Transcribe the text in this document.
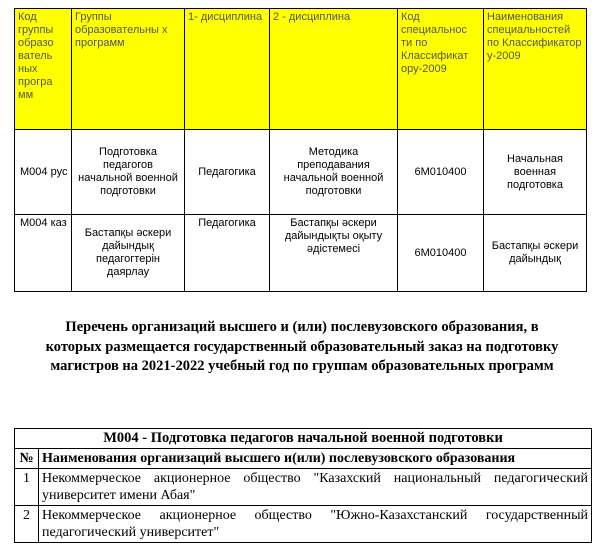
Код группы образо ватель ных програ мм	Группы образовательны х программ	1- дисциплина	2 - дисциплина	Код специальнос ти по Классификат ору-2009	Наименования специальностей по Классификатор у-2009
М004 рус	Подготовка педагогов начальной военной подготовки	Педагогика	Методика преподавания начальной военной подготовки	6М010400	Начальная военная подготовка
М004 каз	Бастапқы әскери дайындық педагогтерін даярлау	Педагогика	Бастапқы әскери дайындықты оқыту әдістемесі	6М010400	Бастапқы әскери дайындық

Перечень организаций высшего и (или) послевузовского образования, в которых размещается государственный образовательный заказ на подготовку магистров на 2021-2022 учебный год по группам образовательных программ

М004 - Подготовка педагогов начальной военной подготовки	
№	Наименования организаций высшего и(или) послевузовского образования
1	Некоммерческое акционерное общество "Казахский национальный педагогический университет имени Абая"
2	Некоммерческое акционерное общество "Южно-Казахстанский государственный педагогический университет"
